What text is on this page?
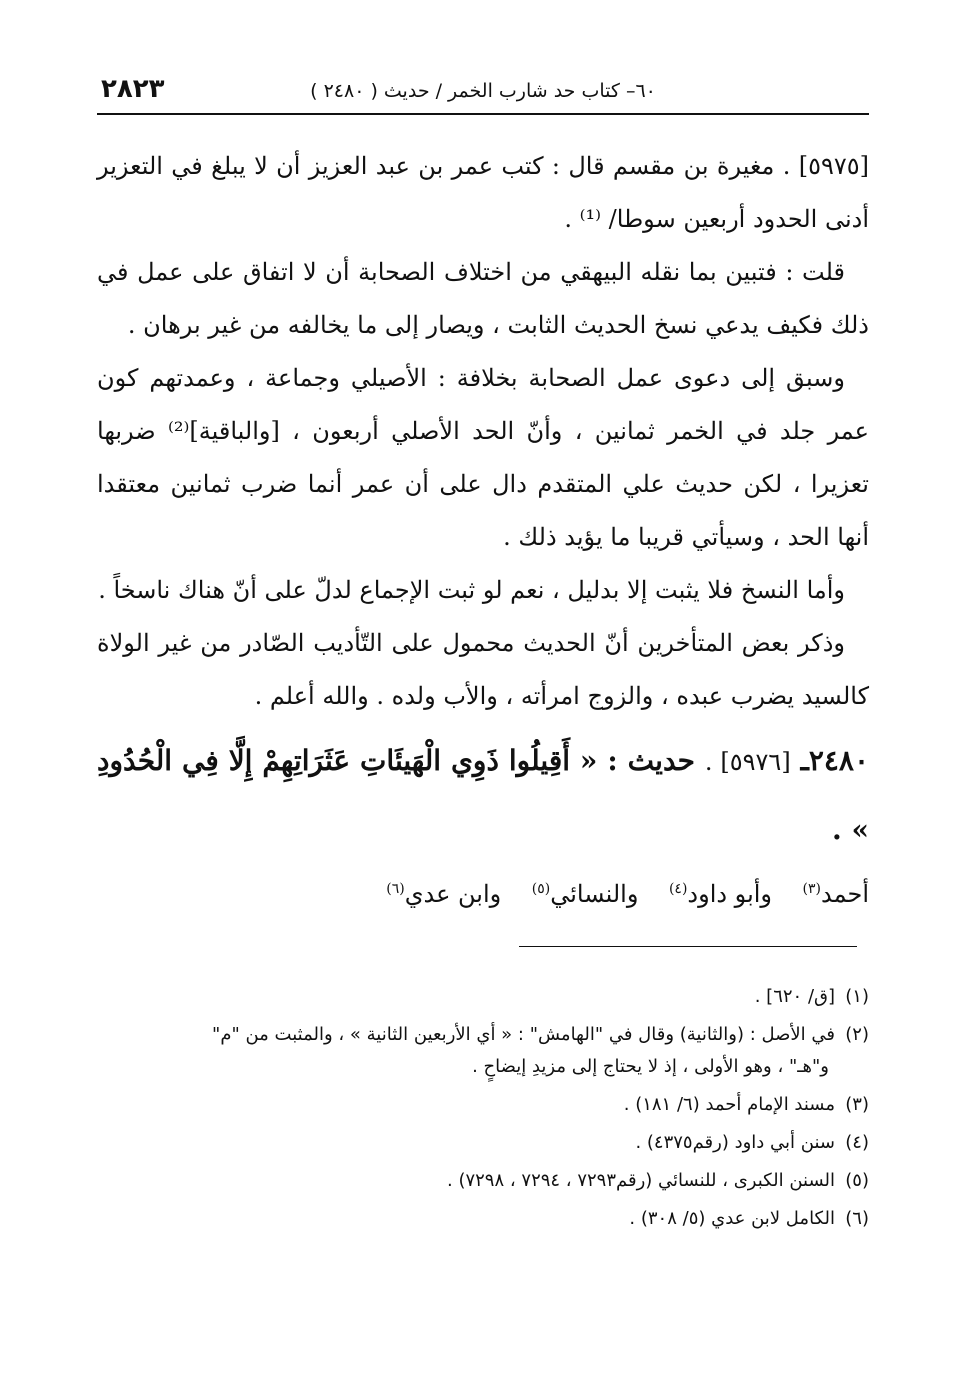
٢٨٢٣	٦٠– كتاب حد شارب الخمر / حديث ( ٢٤٨٠ )

[٥٩٧٥] . مغيرة بن مقسم قال : كتب عمر بن عبد العزيز أن لا يبلغ في التعزير أدنى الحدود أربعين سوطا/ ⁽¹⁾ .

قلت : فتبين بما نقله البيهقي من اختلاف الصحابة أن لا اتفاق على عمل في ذلك فكيف يدعي نسخ الحديث الثابت ، ويصار إلى ما يخالفه من غير برهان .

وسبق إلى دعوى عمل الصحابة بخلافة : الأصيلي وجماعة ، وعمدتهم كون عمر جلد في الخمر ثمانين ، وأنّ الحد الأصلي أربعون ، [والباقية]⁽²⁾ ضربها تعزيرا ، لكن حديث علي المتقدم دال على أن عمر أنما ضرب ثمانين معتقدا أنها الحد ، وسيأتي قريبا ما يؤيد ذلك .

وأما النسخ فلا يثبت إلا بدليل ، نعم لو ثبت الإجماع لدلّ على أنّ هناك ناسخاً .

وذكر بعض المتأخرين أنّ الحديث محمول على التّأديب الصّادر من غير الولاة كالسيد يضرب عبده ، والزوج امرأته ، والأب ولده . والله أعلم .

٢٤٨٠ـ [٥٩٧٦] . حديث : « أَقِيلُوا ذَوِي الْهَيئَاتِ عَثَرَاتِهِمْ إِلَّا فِي الْحُدُودِ » .

أحمد$^{(٣)}$    وأبو داود$^{(٤)}$    والنسائي$^{(٥)}$    وابن عدي$^{(٦)}$

(١)[ق/ ٦٢٠] .

(٢)في الأصل : (والثانية) وقال في "الهامش" : « أي الأربعين الثانية » ، والمثبت من "م"

و"هـ" ، وهو الأولى ، إذ لا يحتاج إلى مزيدِ إيضاحٍ .

(٣)مسند الإمام أحمد (٦/ ١٨١) .

(٤)سنن أبي داود (رقم٤٣٧٥) .

(٥)السنن الكبرى ، للنسائي (رقم٧٢٩٣ ، ٧٢٩٤ ، ٧٢٩٨) .

(٦)الكامل لابن عدي (٥/ ٣٠٨) .
